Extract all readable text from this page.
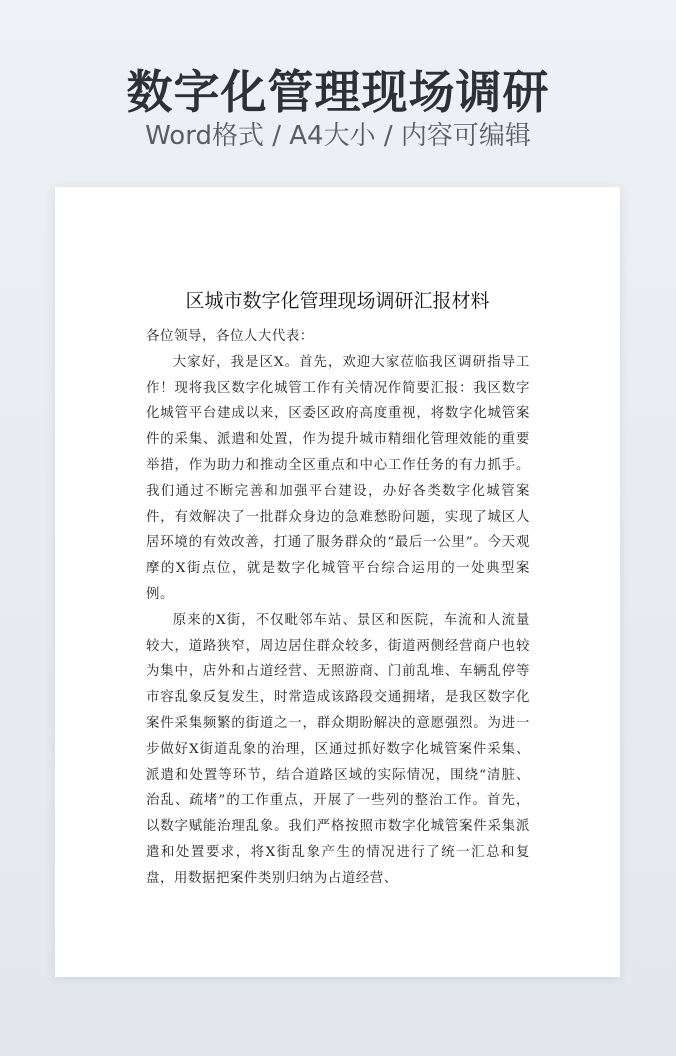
数字化管理现场调研
Word格式 / A4大小 / 内容可编辑
区城市数字化管理现场调研汇报材料

各位领导，各位人大代表：

大家好，我是区X。首先，欢迎大家莅临我区调研指导工作！现将我区数字化城管工作有关情况作简要汇报：我区数字化城管平台建成以来，区委区政府高度重视，将数字化城管案件的采集、派遣和处置，作为提升城市精细化管理效能的重要举措，作为助力和推动全区重点和中心工作任务的有力抓手。我们通过不断完善和加强平台建设，办好各类数字化城管案件，有效解决了一批群众身边的急难愁盼问题，实现了城区人居环境的有效改善，打通了服务群众的“最后一公里”。今天观摩的X街点位，就是数字化城管平台综合运用的一处典型案例。

原来的X街，不仅毗邻车站、景区和医院，车流和人流量较大，道路狭窄，周边居住群众较多，街道两侧经营商户也较为集中，店外和占道经营、无照游商、门前乱堆、车辆乱停等市容乱象反复发生，时常造成该路段交通拥堵，是我区数字化案件采集频繁的街道之一，群众期盼解决的意愿强烈。为进一步做好X街道乱象的治理，区通过抓好数字化城管案件采集、派遣和处置等环节，结合道路区域的实际情况，围绕“清脏、治乱、疏堵”的工作重点，开展了一些列的整治工作。首先，以数字赋能治理乱象。我们严格按照市数字化城管案件采集派遣和处置要求，将X街乱象产生的情况进行了统一汇总和复盘，用数据把案件类别归纳为占道经营、
